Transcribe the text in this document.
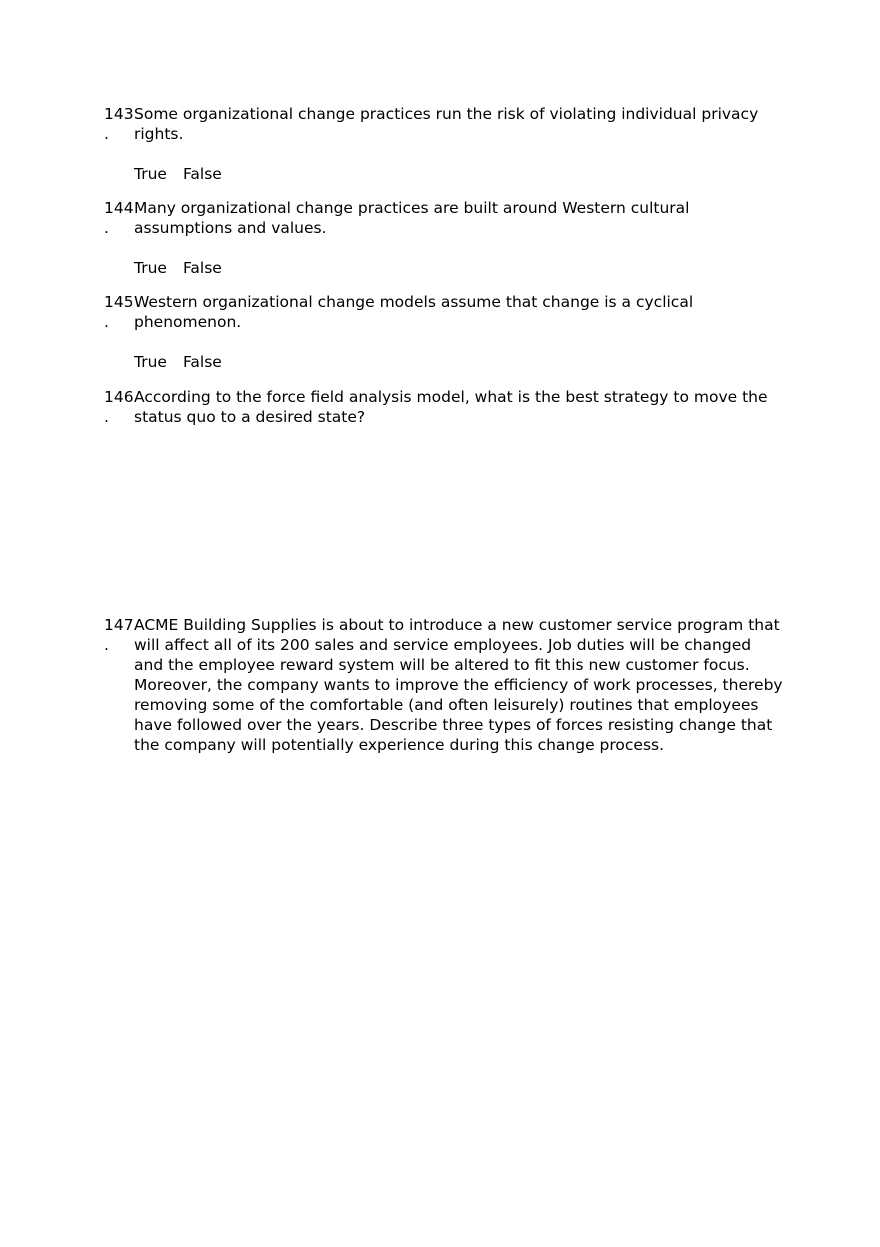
143
.
Some organizational change practices run the risk of violating individual privacy rights.
True False
144
.
Many organizational change practices are built around Western cultural assumptions and values.
True False
145
.
Western organizational change models assume that change is a cyclical phenomenon.
True False
146
.
According to the force field analysis model, what is the best strategy to move the status quo to a desired state?
147
.
ACME Building Supplies is about to introduce a new customer service program that will affect all of its 200 sales and service employees. Job duties will be changed and the employee reward system will be altered to fit this new customer focus. Moreover, the company wants to improve the efficiency of work processes, thereby removing some of the comfortable (and often leisurely) routines that employees have followed over the years. Describe three types of forces resisting change that the company will potentially experience during this change process.
